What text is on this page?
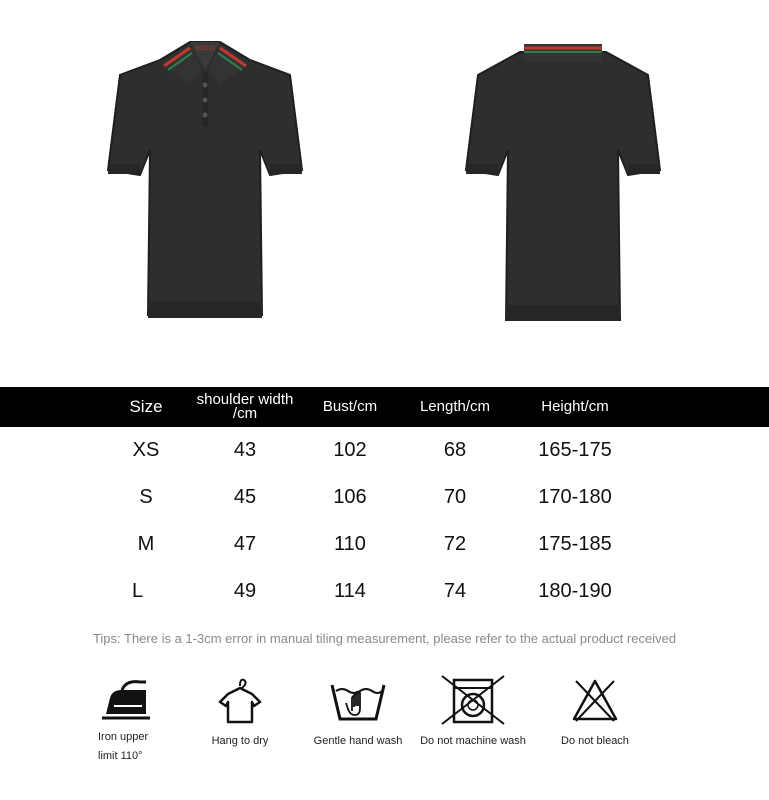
GUCCI
Size	shoulder width /cm	Bust/cm	Length/cm	Height/cm
XS	43	102	68	165-175
S	45	106	70	170-180
M	47	110	72	175-185
L	49	114	74	180-190
Tips: There is a 1-3cm error in manual tiling measurement, please refer to the actual product received
Iron upper
limit 110°
Hang to dry	Gentle hand wash	Do not machine wash	Do not bleach
